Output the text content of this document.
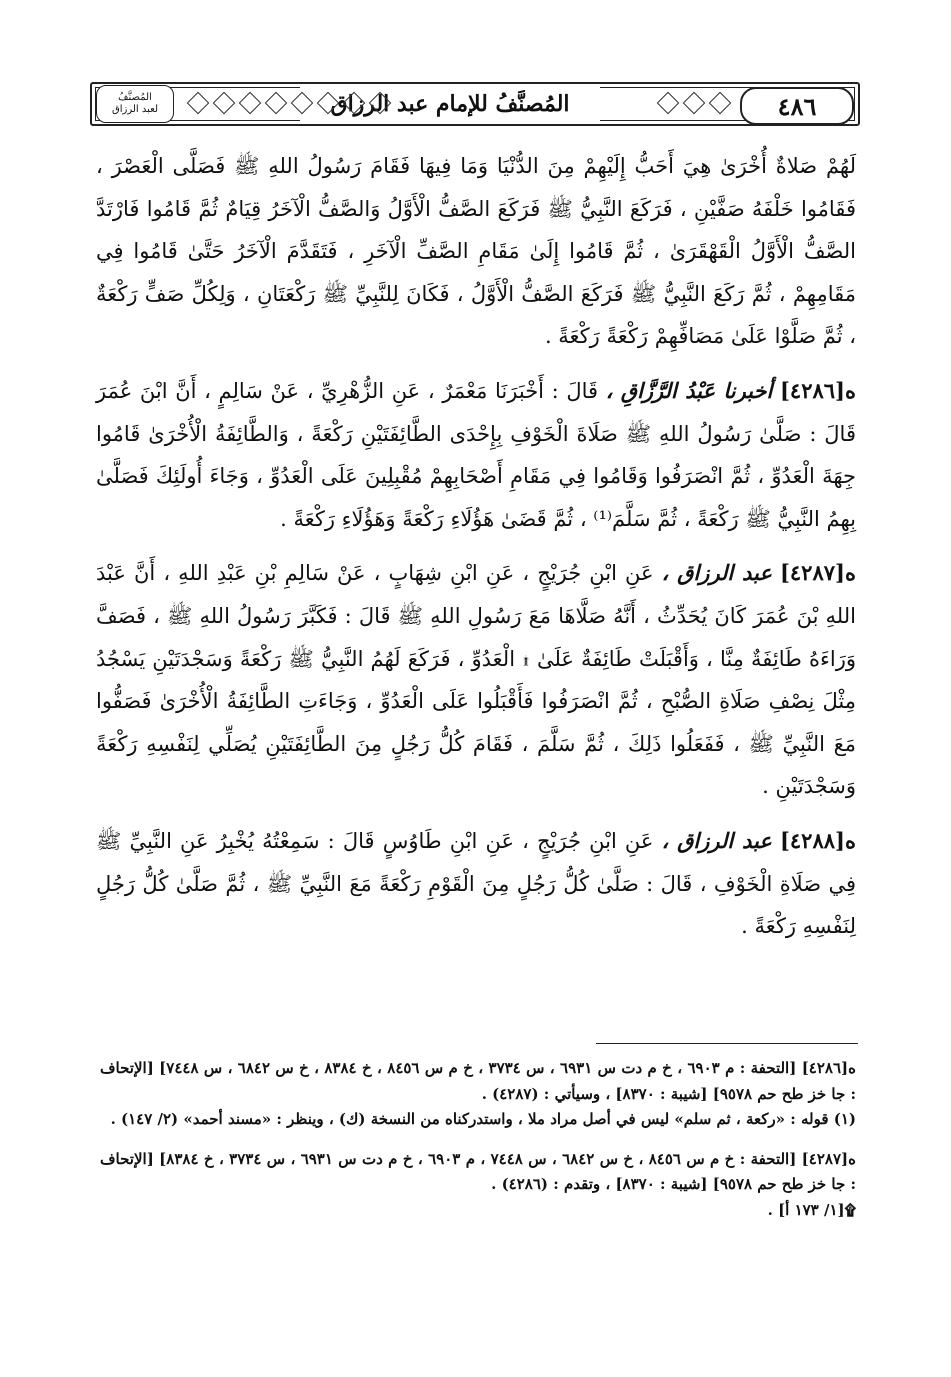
٤٨٦
المُصنَّفُ للإمام عبد الرزاق
المُصنَّفُ
لعبد الرزاق

لَهُمْ صَلاةٌ أُخْرَىٰ هِيَ أَحَبُّ إِلَيْهِمْ مِنَ الدُّنْيَا وَمَا فِيهَا فَقَامَ رَسُولُ اللهِ ﷺ فَصَلَّى الْعَصْرَ ، فَقَامُوا خَلْفَهُ صَفَّيْنِ ، فَرَكَعَ النَّبِيُّ ﷺ فَرَكَعَ الصَّفُّ الْأَوَّلُ وَالصَّفُّ الْآخَرُ قِيَامٌ ثُمَّ قَامُوا فَارْتَدَّ الصَّفُّ الْأَوَّلُ الْقَهْقَرَىٰ ، ثُمَّ قَامُوا إِلَىٰ مَقَامِ الصَّفِّ الْآخَرِ ، فَتَقَدَّمَ الْآخَرُ حَتَّىٰ قَامُوا فِي مَقَامِهِمْ ، ثُمَّ رَكَعَ النَّبِيُّ ﷺ فَرَكَعَ الصَّفُّ الْأَوَّلُ ، فَكَانَ لِلنَّبِيِّ ﷺ رَكْعَتَانِ ، وَلِكُلِّ صَفٍّ رَكْعَةٌ ، ثُمَّ صَلَّوْا عَلَىٰ مَصَافِّهِمْ رَكْعَةً رَكْعَةً .

ه[٤٢٨٦] أخبرنا عَبْدُ الرَّزَّاقِ ، قَالَ : أَخْبَرَنَا مَعْمَرٌ ، عَنِ الزُّهْرِيِّ ، عَنْ سَالِمٍ ، أَنَّ ابْنَ عُمَرَ قَالَ : صَلَّىٰ رَسُولُ اللهِ ﷺ صَلَاةَ الْخَوْفِ بِإِحْدَى الطَّائِفَتَيْنِ رَكْعَةً ، وَالطَّائِفَةُ الْأُخْرَىٰ قَامُوا جِهَةَ الْعَدُوِّ ، ثُمَّ انْصَرَفُوا وَقَامُوا فِي مَقَامِ أَصْحَابِهِمْ مُقْبِلِينَ عَلَى الْعَدُوِّ ، وَجَاءَ أُولَئِكَ فَصَلَّىٰ بِهِمُ النَّبِيُّ ﷺ رَكْعَةً ، ثُمَّ سَلَّمَ⁽¹⁾ ، ثُمَّ قَضَىٰ هَؤُلَاءِ رَكْعَةً وَهَؤُلَاءِ رَكْعَةً .

ه[٤٢٨٧] عبد الرزاق ، عَنِ ابْنِ جُرَيْجٍ ، عَنِ ابْنِ شِهَابٍ ، عَنْ سَالِمِ بْنِ عَبْدِ اللهِ ، أَنَّ عَبْدَ اللهِ بْنَ عُمَرَ كَانَ يُحَدِّثُ ، أَنَّهُ صَلَّاهَا مَعَ رَسُولِ اللهِ ﷺ قَالَ : فَكَبَّرَ رَسُولُ اللهِ ﷺ ، فَصَفَّ وَرَاءَهُ طَائِفَةٌ مِنَّا ، وَأَقْبَلَتْ طَائِفَةٌ عَلَىٰ ۩ الْعَدُوِّ ، فَرَكَعَ لَهُمُ النَّبِيُّ ﷺ رَكْعَةً وَسَجْدَتَيْنِ يَسْجُدُ مِثْلَ نِصْفِ صَلَاةِ الصُّبْحِ ، ثُمَّ انْصَرَفُوا فَأَقْبَلُوا عَلَى الْعَدُوِّ ، وَجَاءَتِ الطَّائِفَةُ الْأُخْرَىٰ فَصَفُّوا مَعَ النَّبِيِّ ﷺ ، فَفَعَلُوا ذَلِكَ ، ثُمَّ سَلَّمَ ، فَقَامَ كُلُّ رَجُلٍ مِنَ الطَّائِفَتَيْنِ يُصَلِّي لِنَفْسِهِ رَكْعَةً وَسَجْدَتَيْنِ .

ه[٤٢٨٨] عبد الرزاق ، عَنِ ابْنِ جُرَيْجٍ ، عَنِ ابْنِ طَاوُسٍ قَالَ : سَمِعْتُهُ يُخْبِرُ عَنِ النَّبِيِّ ﷺ فِي صَلَاةِ الْخَوْفِ ، قَالَ : صَلَّىٰ كُلُّ رَجُلٍ مِنَ الْقَوْمِ رَكْعَةً مَعَ النَّبِيِّ ﷺ ، ثُمَّ صَلَّىٰ كُلُّ رَجُلٍ لِنَفْسِهِ رَكْعَةً .

ه[٤٢٨٦] [التحفة : م ٦٩٠٣ ، خ م دت س ٦٩٣١ ، س ٣٧٣٤ ، خ م س ٨٤٥٦ ، خ ٨٣٨٤ ، خ س ٦٨٤٢ ، س ٧٤٤٨] [الإتحاف : جا خز طح حم ٩٥٧٨] [شيبة : ٨٣٧٠] ، وسيأتي : (٤٢٨٧) .

(١) قوله : «ركعة ، ثم سلم» ليس في أصل مراد ملا ، واستدركناه من النسخة (ك) ، وينظر : «مسند أحمد» (٢/ ١٤٧) .

ه[٤٢٨٧] [التحفة : خ م س ٨٤٥٦ ، خ س ٦٨٤٢ ، س ٧٤٤٨ ، م ٦٩٠٣ ، خ م دت س ٦٩٣١ ، س ٣٧٣٤ ، خ ٨٣٨٤] [الإتحاف : جا خز طح حم ٩٥٧٨] [شيبة : ٨٣٧٠] ، وتقدم : (٤٢٨٦) .

۩[١/ ١٧٣ أ] .
